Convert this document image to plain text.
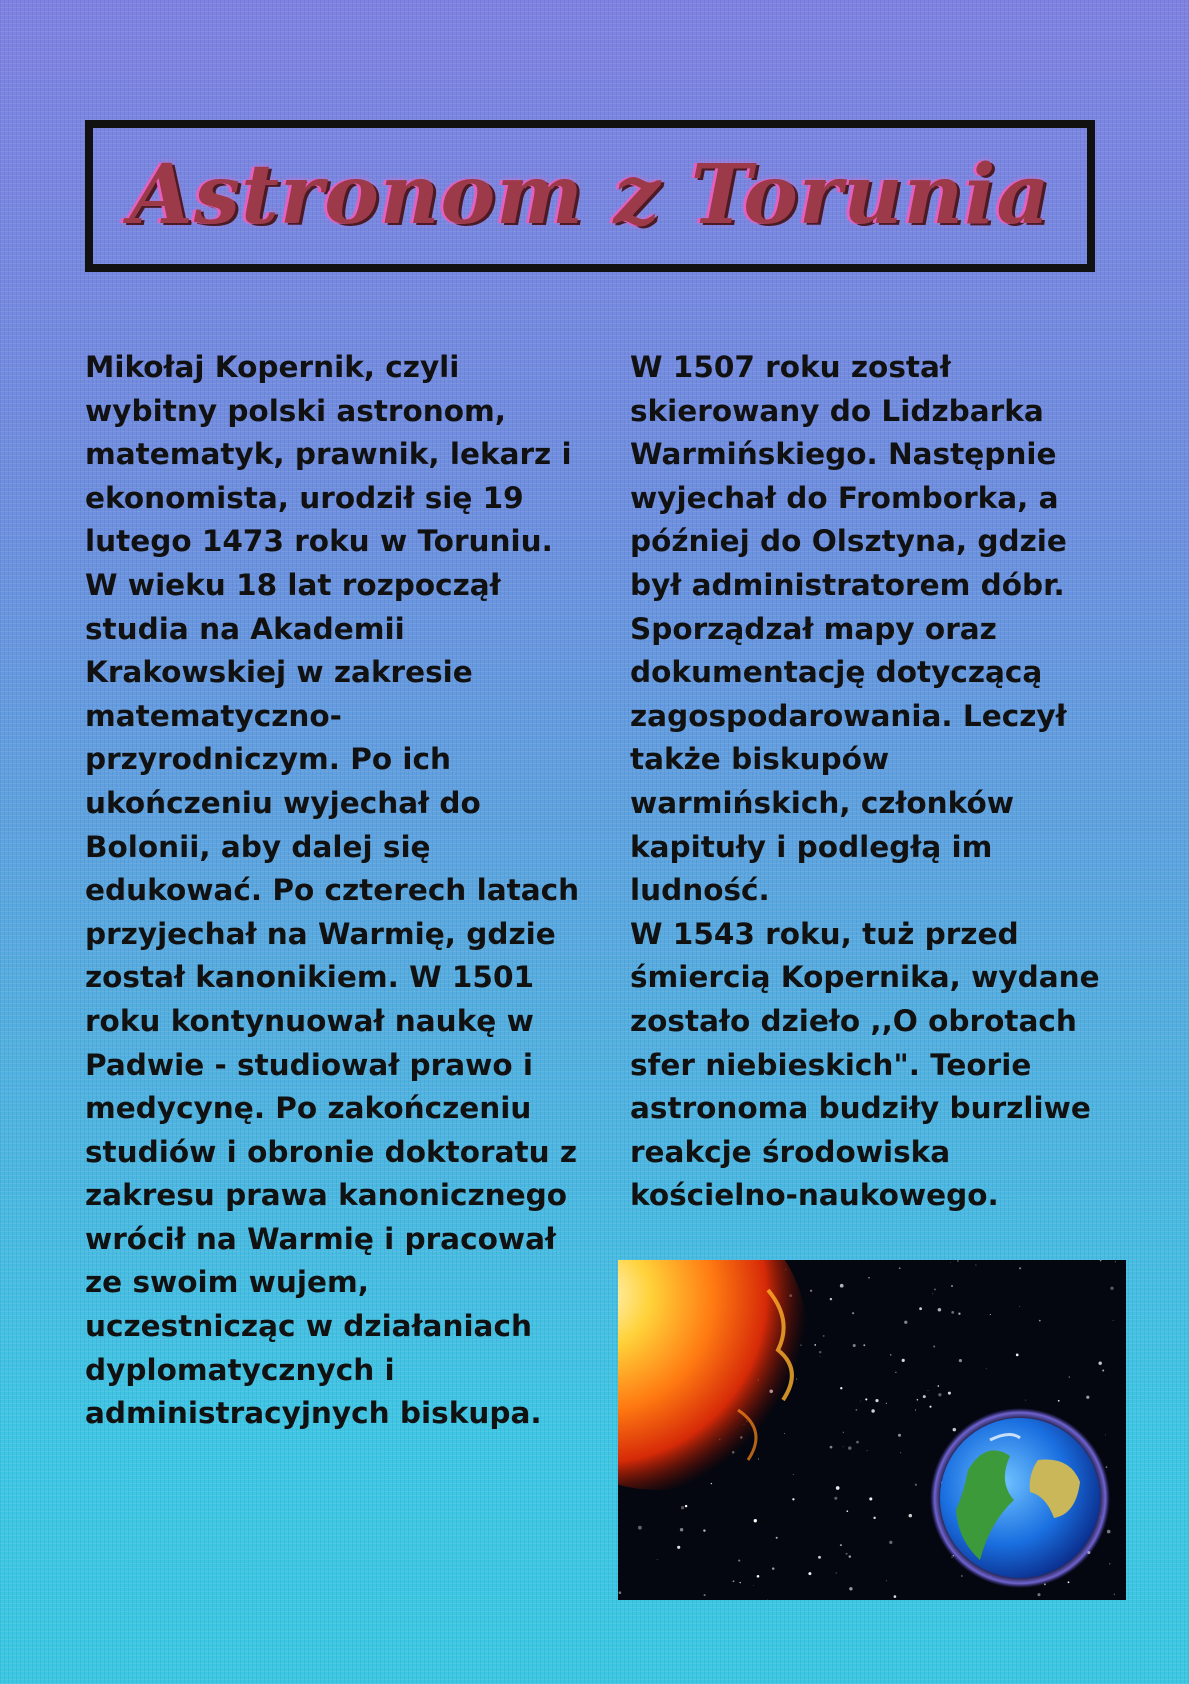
Astronom z Torunia
Mikołaj Kopernik, czyli
wybitny polski astronom,
matematyk, prawnik, lekarz i
ekonomista, urodził się 19
lutego 1473 roku w Toruniu.
W wieku 18 lat rozpoczął
studia na Akademii
Krakowskiej w zakresie
matematyczno-
przyrodniczym. Po ich
ukończeniu wyjechał do
Bolonii, aby dalej się
edukować. Po czterech latach
przyjechał na Warmię, gdzie
został kanonikiem. W 1501
roku kontynuował naukę w
Padwie - studiował prawo i
medycynę. Po zakończeniu
studiów i obronie doktoratu z
zakresu prawa kanonicznego
wrócił na Warmię i pracował
ze swoim wujem,
uczestnicząc w działaniach
dyplomatycznych i
administracyjnych biskupa.
W 1507 roku został
skierowany do Lidzbarka
Warmińskiego. Następnie
wyjechał do Fromborka, a
później do Olsztyna, gdzie
był administratorem dóbr.
Sporządzał mapy oraz
dokumentację dotyczącą
zagospodarowania. Leczył
także biskupów
warmińskich, członków
kapituły i podległą im
ludność.
W 1543 roku, tuż przed
śmiercią Kopernika, wydane
zostało dzieło ,,O obrotach
sfer niebieskich". Teorie
astronoma budziły burzliwe
reakcje środowiska
kościelno-naukowego.
